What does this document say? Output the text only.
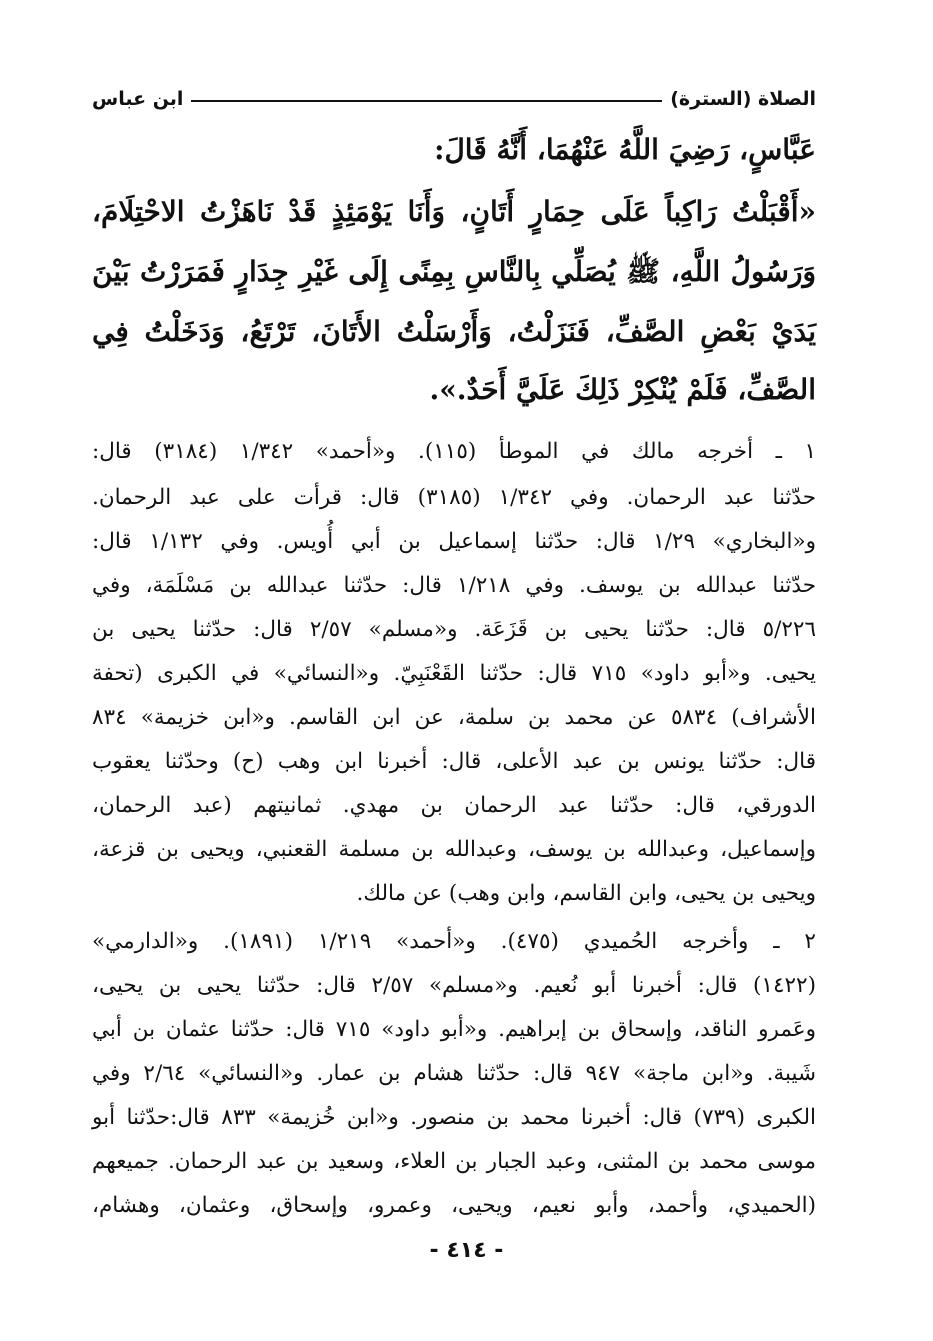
الصلاة (السترة)
ابن عباس
عَبَّاسٍ، رَضِيَ اللَّهُ عَنْهُمَا، أَنَّهُ قَالَ:
«أَقْبَلْتُ رَاكِباً عَلَى حِمَارٍ أَتَانٍ، وَأَنَا يَوْمَئِذٍ قَدْ نَاهَزْتُ الاحْتِلَامَ،
وَرَسُولُ اللَّهِ، ﷺ يُصَلِّي بِالنَّاسِ بِمِنًى إِلَى غَيْرِ جِدَارٍ فَمَرَرْتُ بَيْنَ
يَدَيْ بَعْضِ الصَّفِّ، فَنَزَلْتُ، وَأَرْسَلْتُ الأَتَانَ، تَرْتَعُ، وَدَخَلْتُ فِي
الصَّفِّ، فَلَمْ يُنْكِرْ ذَلِكَ عَلَيَّ أَحَدٌ.».
١ ـ أخرجه مالك في الموطأ (١١٥). و«أحمد» ١/٣٤٢ (٣١٨٤) قال:
حدّثنا عبد الرحمان. وفي ١/٣٤٢ (٣١٨٥) قال: قرأت على عبد الرحمان.
و«البخاري» ١/٢٩ قال: حدّثنا إسماعيل بن أبي أُويس. وفي ١/١٣٢ قال:
حدّثنا عبدالله بن يوسف. وفي ١/٢١٨ قال: حدّثنا عبدالله بن مَسْلَمَة، وفي
٥/٢٢٦ قال: حدّثنا يحيى بن قَزَعَة. و«مسلم» ٢/٥٧ قال: حدّثنا يحيى بن
يحيى. و«أبو داود» ٧١٥ قال: حدّثنا القَعْنَبِيّ. و«النسائي» في الكبرى (تحفة
الأشراف) ٥٨٣٤ عن محمد بن سلمة، عن ابن القاسم. و«ابن خزيمة» ٨٣٤
قال: حدّثنا يونس بن عبد الأعلى، قال: أخبرنا ابن وهب (ح) وحدّثنا يعقوب
الدورقي، قال: حدّثنا عبد الرحمان بن مهدي. ثمانيتهم (عبد الرحمان،
وإسماعيل، وعبدالله بن يوسف، وعبدالله بن مسلمة القعنبي، ويحيى بن قزعة،
ويحيى بن يحيى، وابن القاسم، وابن وهب) عن مالك.
٢ ـ وأخرجه الحُميدي (٤٧٥). و«أحمد» ١/٢١٩ (١٨٩١). و«الدارمي»
(١٤٢٢) قال: أخبرنا أبو نُعيم. و«مسلم» ٢/٥٧ قال: حدّثنا يحيى بن يحيى،
وعَمرو الناقد، وإسحاق بن إبراهيم. و«أبو داود» ٧١٥ قال: حدّثنا عثمان بن أبي
شَيبة. و«ابن ماجة» ٩٤٧ قال: حدّثنا هشام بن عمار. و«النسائي» ٢/٦٤ وفي
الكبرى (٧٣٩) قال: أخبرنا محمد بن منصور. و«ابن خُزيمة» ٨٣٣ قال:حدّثنا أبو
موسى محمد بن المثنى، وعبد الجبار بن العلاء، وسعيد بن عبد الرحمان. جميعهم
(الحميدي، وأحمد، وأبو نعيم، ويحيى، وعمرو، وإسحاق، وعثمان، وهشام،
- ٤١٤ -
